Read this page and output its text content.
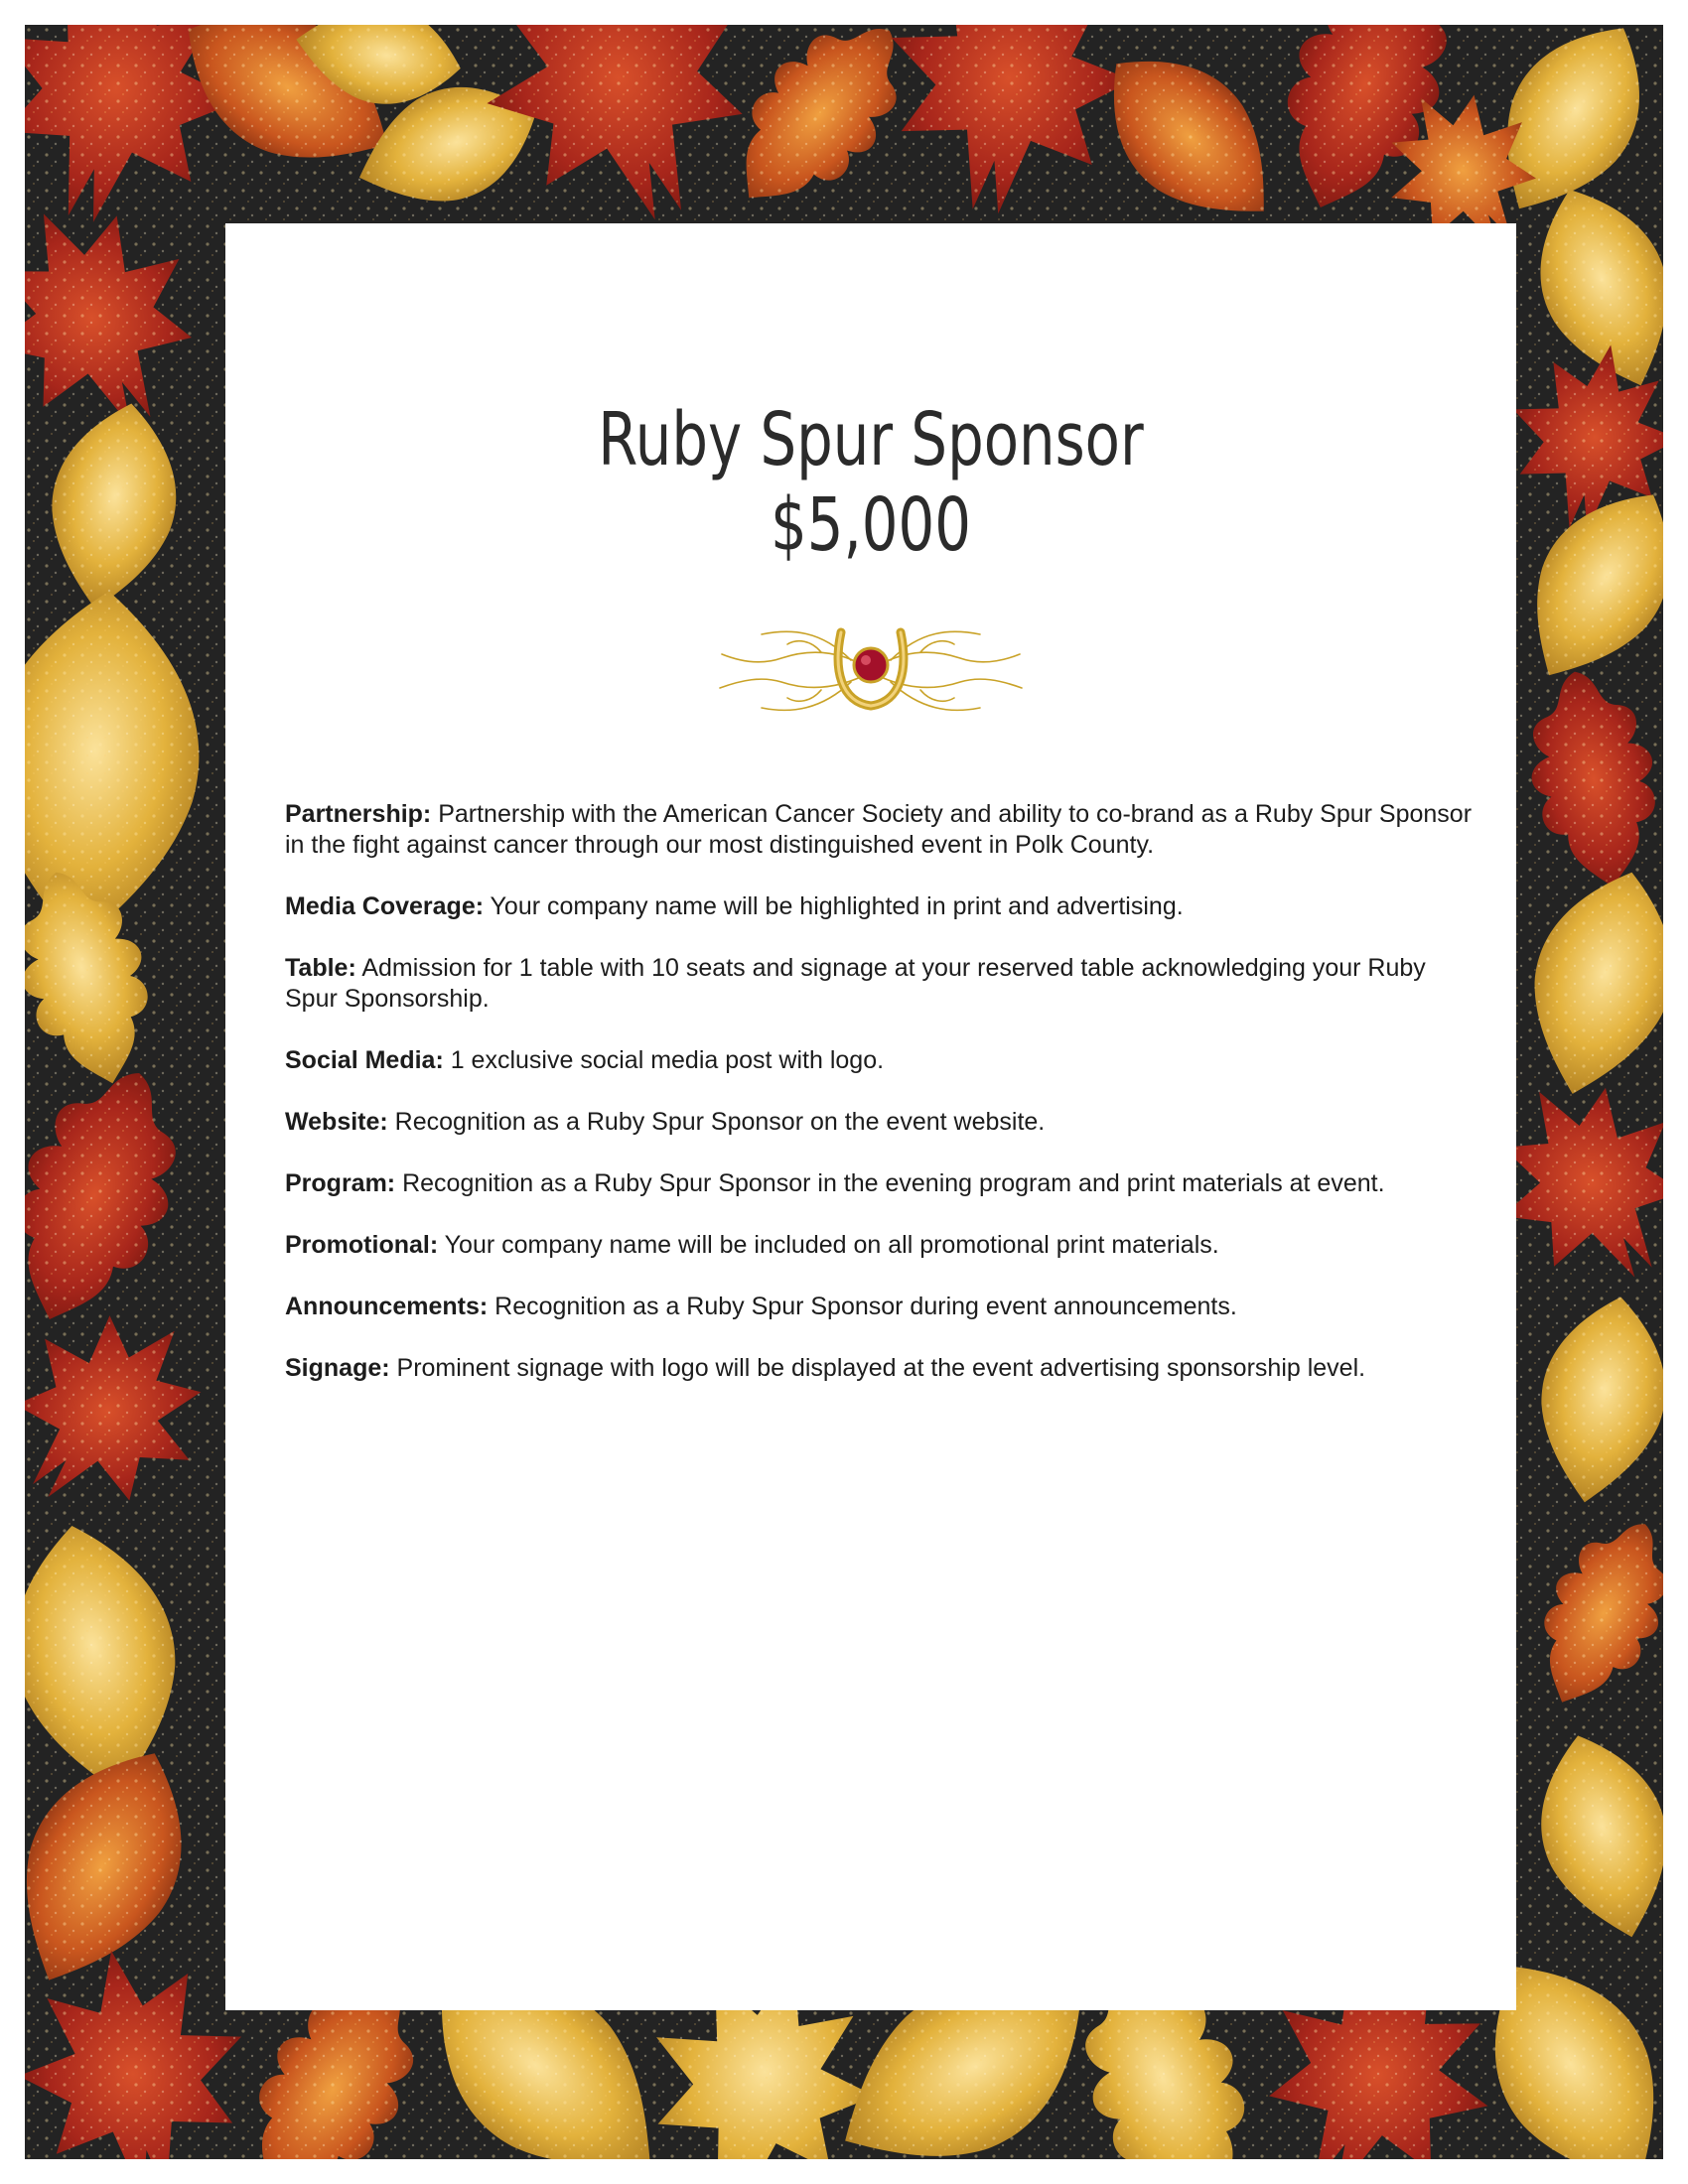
Ruby Spur Sponsor
$5,000

Partnership: Partnership with the American Cancer Society and ability to co-brand as a Ruby Spur Sponsor in the fight against cancer through our most distinguished event in Polk County.

Media Coverage: Your company name will be highlighted in print and advertising.

Table: Admission for 1 table with 10 seats and signage at your reserved table acknowledging your Ruby Spur Sponsorship.

Social Media: 1 exclusive social media post with logo.

Website: Recognition as a Ruby Spur Sponsor on the event website.

Program: Recognition as a Ruby Spur Sponsor in the evening program and print materials at event.

Promotional: Your company name will be included on all promotional print materials.

Announcements: Recognition as a Ruby Spur Sponsor during event announcements.

Signage: Prominent signage with logo will be displayed at the event advertising sponsorship level.
